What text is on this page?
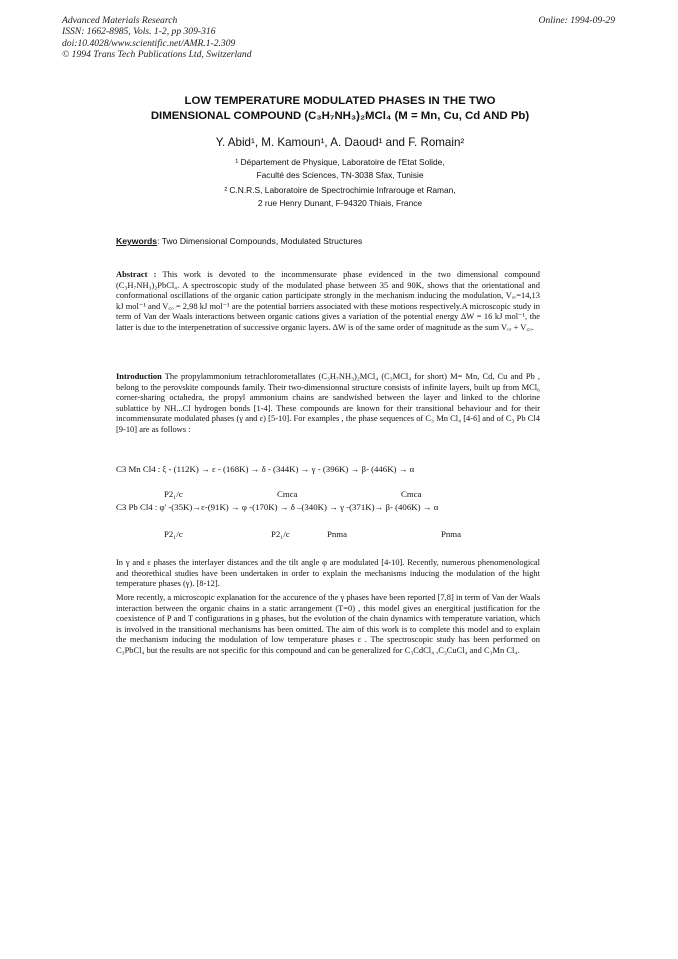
Advanced Materials Research
ISSN: 1662-8985, Vols. 1-2, pp 309-316
doi:10.4028/www.scientific.net/AMR.1-2.309
© 1994 Trans Tech Publications Ltd, Switzerland
Online: 1994-09-29
LOW TEMPERATURE MODULATED PHASES IN THE TWO
DIMENSIONAL COMPOUND (C₃H₇NH₃)₂MCl₄ (M = Mn, Cu, Cd AND Pb)
Y. Abid¹, M. Kamoun¹, A. Daoud¹ and F. Romain²
¹ Département de Physique, Laboratoire de l'Etat Solide,
Faculté des Sciences, TN-3038 Sfax, Tunisie
² C.N.R.S, Laboratoire de Spectrochimie Infrarouge et Raman,
2 rue Henry Dunant, F-94320 Thiais, France
Keywords: Two Dimensional Compounds, Modulated Structures
Abstract : This work is devoted to the incommensurate phase evidenced in the two dimensional compound (C₃H₇NH₃)₂PbCl₄. A spectroscopic study of the modulated phase between 35 and 90K, shows that the orientational and conformational oscillations of the organic cation participate strongly in the mechanism inducing the modulation, Vₒᵣ=14,13 kJ mol⁻¹ and V꜀ₒ = 2,98 kJ mol⁻¹ are the potential barriers associated with these motions respectively.A microscopic study in term of Van der Waals interactions between organic cations gives a variation of the potential energy ΔW = 16 kJ mol⁻¹, the latter is due to the interpenetration of successive organic layers. ΔW is of the same order of magnitude as the sum Vₒᵣ + V꜀ₒ.
Introduction The propylammonium tetrachlorometallates (C₃H₇NH₃)₂MCl₄ (C₃MCl₄ for short) M= Mn, Cd, Cu and Pb , belong to the perovskite compounds family. Their two-dimensionnal structure consists of infinite layers, built up from MCl₆ corner-sharing octahedra, the propyl ammonium chains are sandwished between the layer and linked to the chlorine sublattice by NH...Cl hydrogen bonds [1-4]. These compounds are known for their transitional behaviour and for their incommensurate modulated phases (γ and ε) [5-10]. For examples , the phase sequences of C₃ Mn Cl₄ [4-6] and of C₃ Pb Cl4 [9-10] are as follows :
C3 Mn Cl4 : ξ - (112K) → ε - (168K) → δ - (344K) → γ - (396K) → β- (446K) → α
P2₁/c	Cmca	Cmca
C3 Pb Cl4 : φ' -(35K)→ε-(91K) → φ -(170K) → δ –(340K) → γ -(371K)→ β- (406K) → α
P2₁/c	P2₁/c	Pnma	Pnma
In γ and ε phases the interlayer distances and the tilt angle φ are modulated [4-10]. Recently, numerous phenomenological and theorethical studies have been undertaken in order to explain the mechanisms inducing the modulation of the hight temperature phases (γ). [8-12].
More recently, a microscopic explanation for the accurence of the γ phases have been reported [7,8] in term of Van der Waals interaction between the organic chains in a static arrangement (T=0) , this model gives an energitical justification for the coexistence of P and T configurations in g phases, but the evolution of the chain dynamics with temperature variation, which is involved in the transitional mechanisms has been omitted. The aim of this work is to complete this model and to explain the mechanism inducing the modulation of low temperature phases ε . The spectroscopic study has been performed on C₃PbCl₄ but the results are not specific for this compound and can be generalized for C₃CdCl₄ ,C₃CuCl₄ and C₃Mn Cl₄.
